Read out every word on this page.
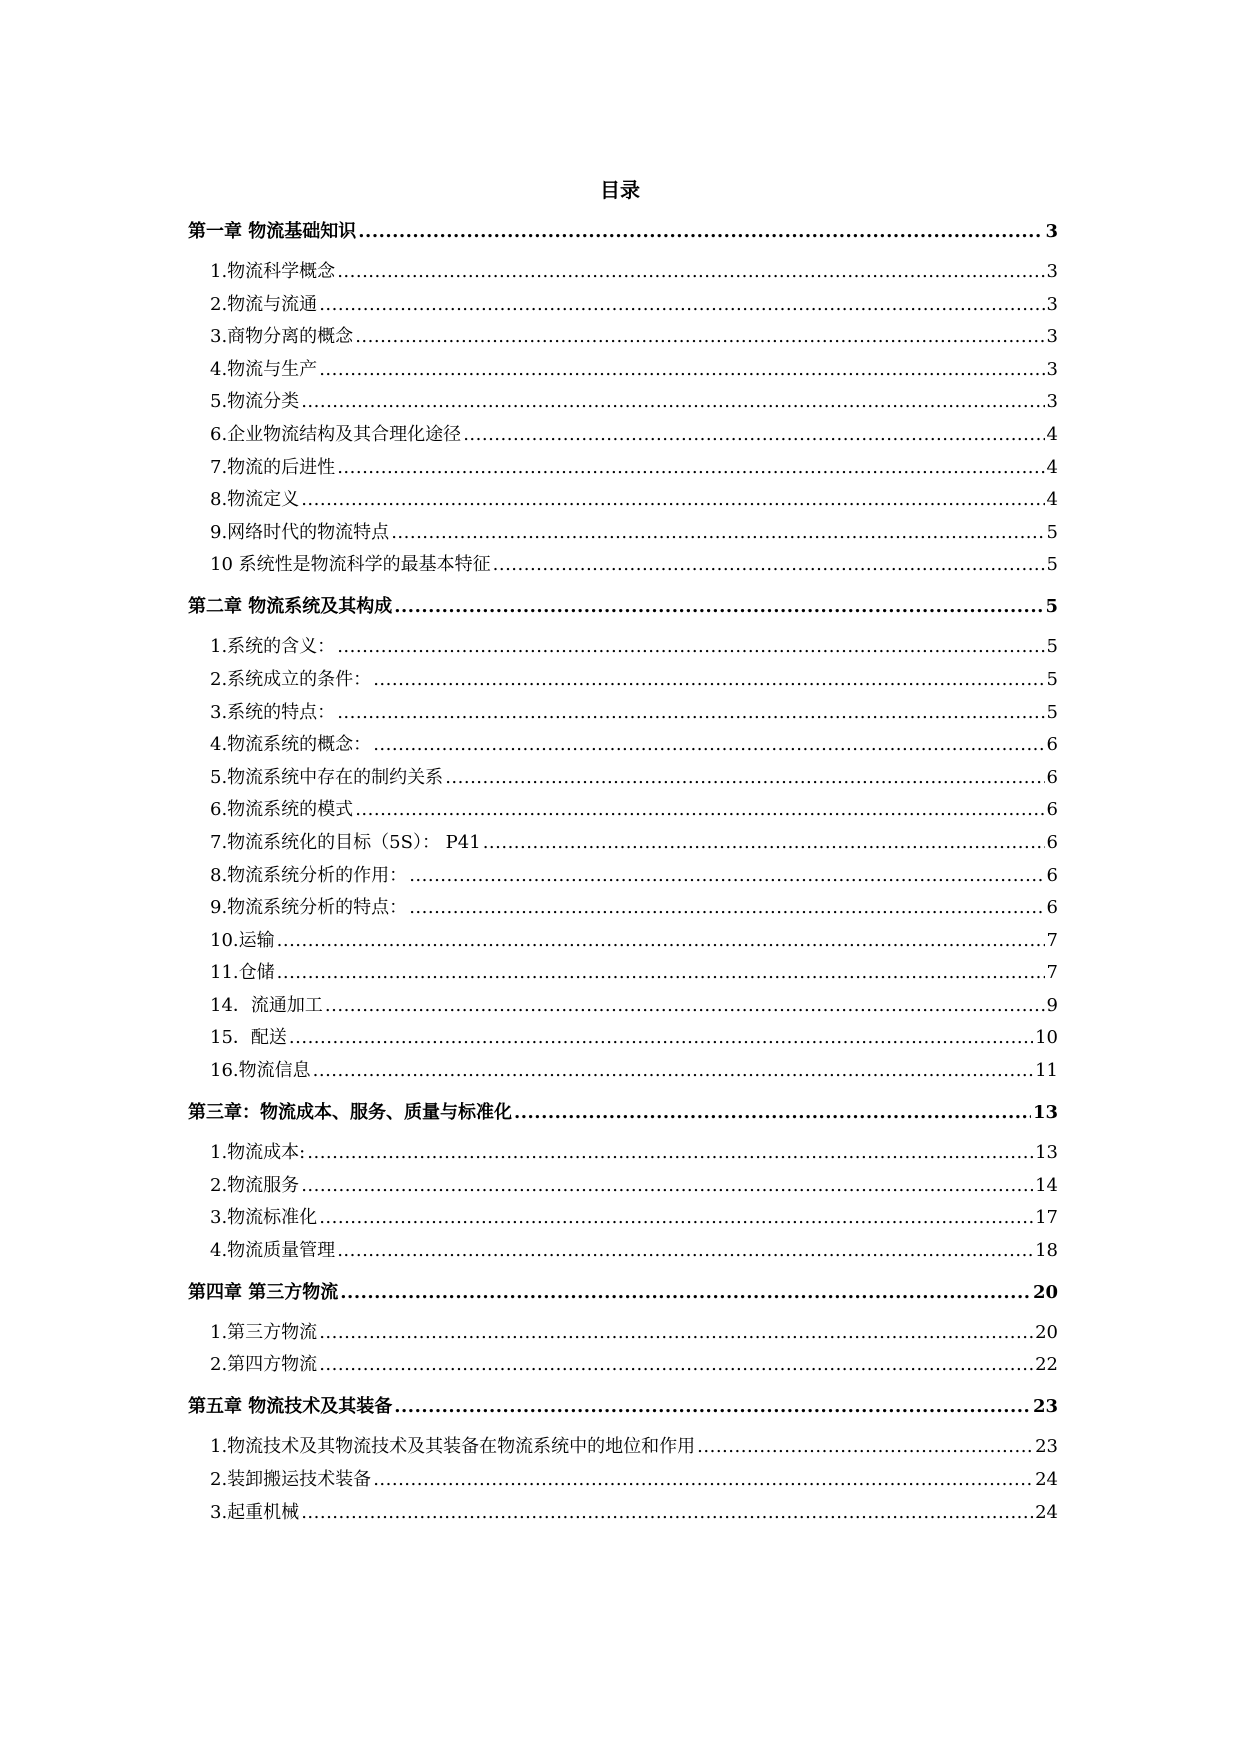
目录
第一章 物流基础知识 .....	3
1.物流科学概念 .....	3
2.物流与流通 .....	3
3.商物分离的概念 .....	3
4.物流与生产 .....	3
5.物流分类 .....	3
6.企业物流结构及其合理化途径 .....	4
7.物流的后进性 .....	4
8.物流定义 .....	4
9.网络时代的物流特点 .....	5
10 系统性是物流科学的最基本特征 .....	5
第二章 物流系统及其构成 .....	5
1.系统的含义： .....	5
2.系统成立的条件： .....	5
3.系统的特点： .....	5
4.物流系统的概念： .....	6
5.物流系统中存在的制约关系 .....	6
6.物流系统的模式 .....	6
7.物流系统化的目标（5S）： P41 .....	6
8.物流系统分析的作用： .....	6
9.物流系统分析的特点： .....	6
10.运输 .....	7
11.仓储 .....	7
14．流通加工 .....	9
15．配送 .....	10
16.物流信息 .....	11
第三章：物流成本、服务、质量与标准化 .....	13
1.物流成本: .....	13
2.物流服务 .....	14
3.物流标准化 .....	17
4.物流质量管理 .....	18
第四章 第三方物流 .....	20
1.第三方物流 .....	20
2.第四方物流 .....	22
第五章 物流技术及其装备 .....	23
1.物流技术及其物流技术及其装备在物流系统中的地位和作用 .....	23
2.装卸搬运技术装备 .....	24
3.起重机械 .....	24
